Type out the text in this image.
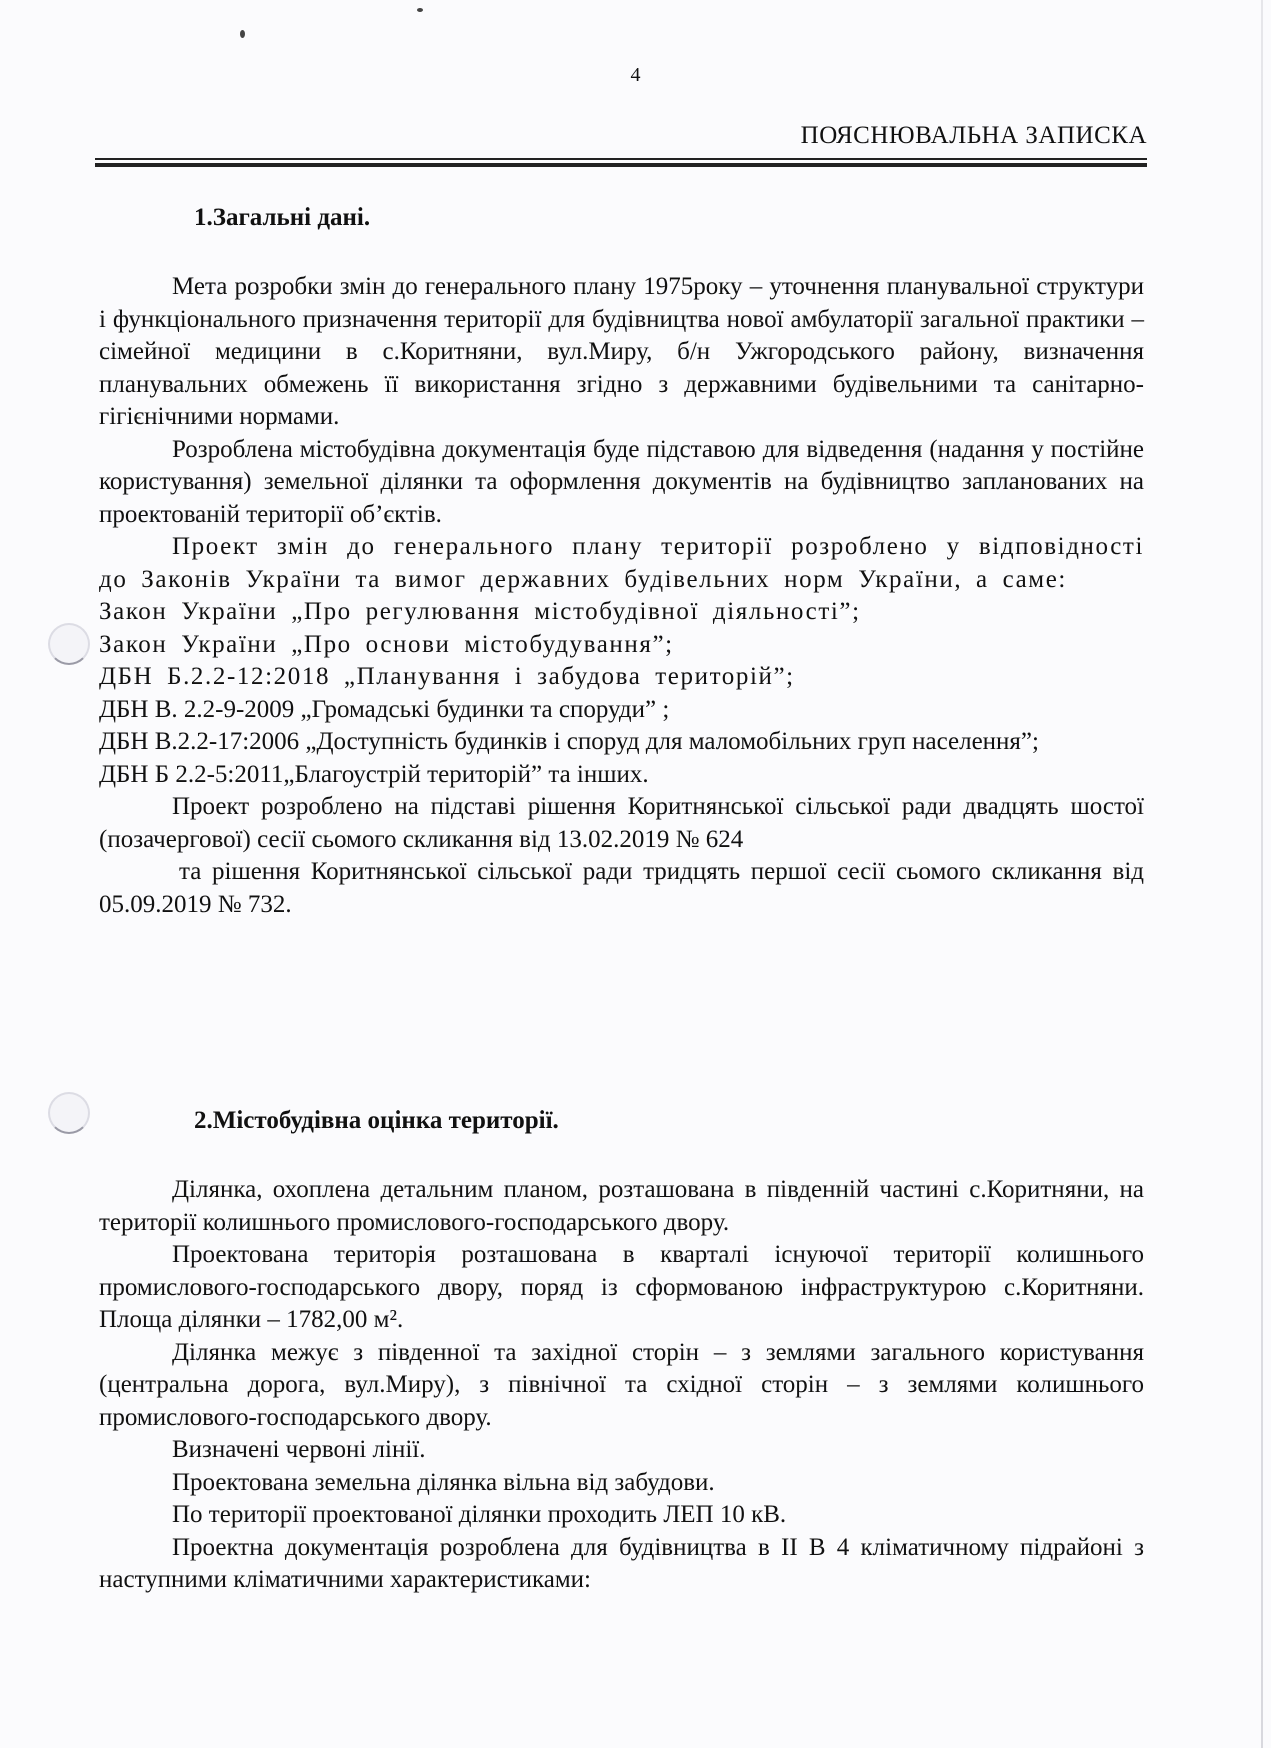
4
ПОЯСНЮВАЛЬНА ЗАПИСКА
1.Загальні дані.

Мета розробки змін до генерального плану 1975року – уточнення планувальної структури і функціонального призначення території для будівництва нової амбулаторії загальної практики – сімейної медицини в с.Коритняни, вул.Миру, б/н Ужгородського району, визначення планувальних обмежень її використання згідно з державними будівельними та санітарно-гігієнічними нормами.

Розроблена містобудівна документація буде підставою для відведення (надання у постійне користування) земельної ділянки та оформлення документів на будівництво запланованих на проектованій території об’єктів.

Проект змін до генерального плану території розроблено у відповідності до Законів України та вимог державних будівельних норм України, а саме:

Закон України „Про регулювання містобудівної діяльності”;

Закон України „Про основи містобудування”;

ДБН Б.2.2-12:2018 „Планування і забудова територій”;

ДБН В. 2.2-9-2009 „Громадські будинки та споруди” ;

ДБН В.2.2-17:2006 „Доступність будинків і споруд для маломобільних груп населення”;

ДБН Б 2.2-5:2011„Благоустрій територій” та інших.

Проект розроблено на підставі рішення Коритнянської сільської ради двадцять шостої (позачергової) сесії сьомого скликання від 13.02.2019 № 624

та рішення Коритнянської сільської ради тридцять першої сесії сьомого скликання від 05.09.2019 № 732.

2.Містобудівна оцінка території.

Ділянка, охоплена детальним планом, розташована в південній частині с.Коритняни, на території колишнього промислового-господарського двору.

Проектована територія розташована в кварталі існуючої території колишнього промислового-господарського двору, поряд із сформованою інфраструктурою с.Коритняни. Площа ділянки – 1782,00 м².

Ділянка межує з південної та західної сторін – з землями загального користування (центральна дорога, вул.Миру), з північної та східної сторін – з землями колишнього промислового-господарського двору.

Визначені червоні лінії.

Проектована земельна ділянка вільна від забудови.

По території проектованої ділянки проходить ЛЕП 10 кВ.

Проектна документація розроблена для будівництва в ІІ В 4 кліматичному підрайоні з наступними кліматичними характеристиками:
